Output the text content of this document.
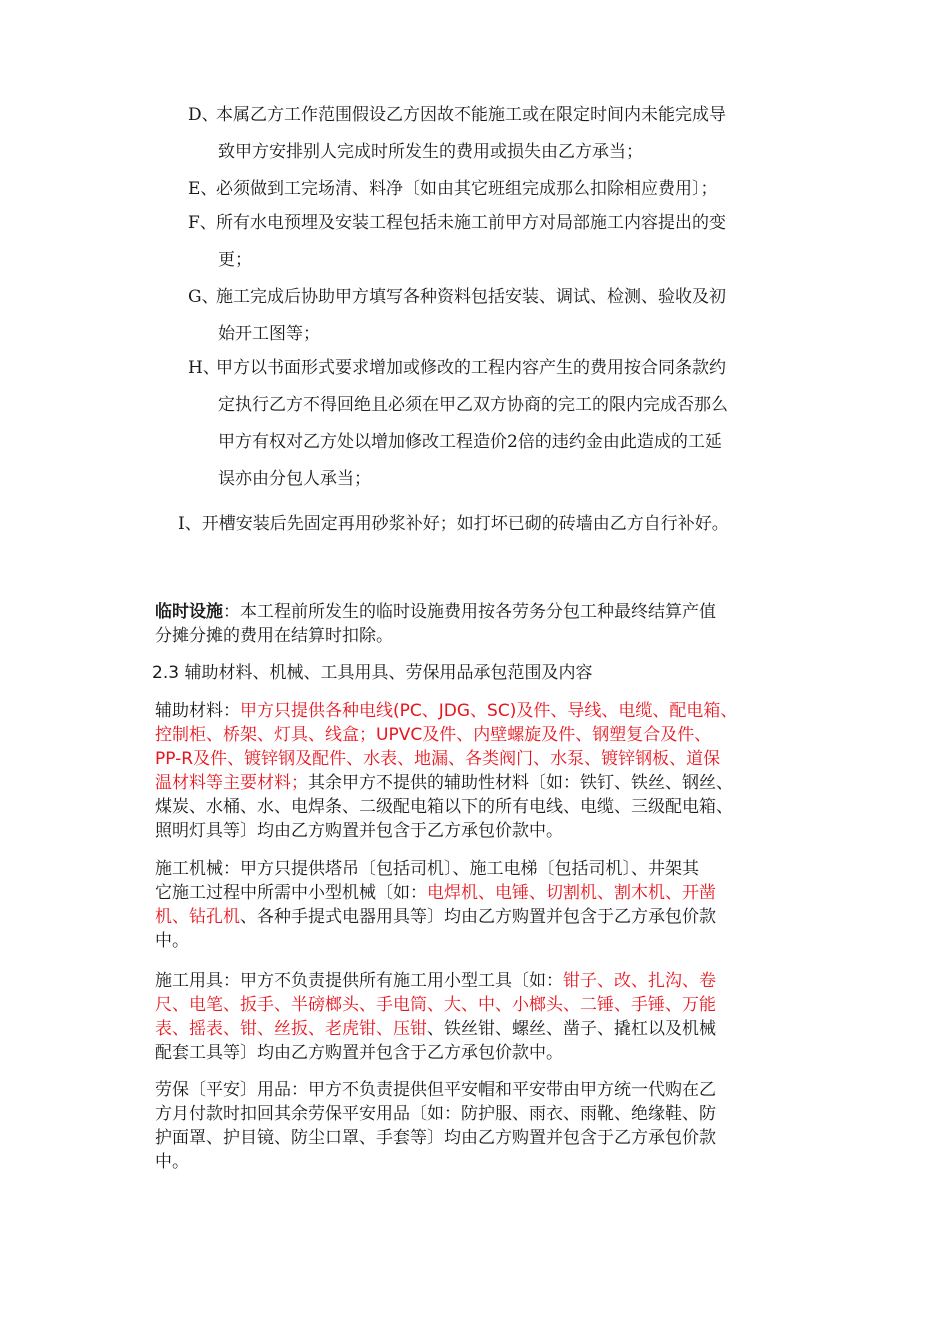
D、本属乙方工作范围假设乙方因故不能施工或在限定时间内未能完成导
致甲方安排别人完成时所发生的费用或损失由乙方承当；
E、必须做到工完场清、料净〔如由其它班组完成那么扣除相应费用〕；
F、所有水电预埋及安装工程包括未施工前甲方对局部施工内容提出的变
更；
G、施工完成后协助甲方填写各种资料包括安装、调试、检测、验收及初
始开工图等；
H、甲方以书面形式要求增加或修改的工程内容产生的费用按合同条款约
定执行乙方不得回绝且必须在甲乙双方协商的完工的限内完成否那么
甲方有权对乙方处以增加修改工程造价2倍的违约金由此造成的工延
误亦由分包人承当；
I、开槽安装后先固定再用砂浆补好；如打坏已砌的砖墙由乙方自行补好。
临时设施：本工程前所发生的临时设施费用按各劳务分包工种最终结算产值
分摊分摊的费用在结算时扣除。
2.3 辅助材料、机械、工具用具、劳保用品承包范围及内容
辅助材料：甲方只提供各种电线(PC、JDG、SC)及件、导线、电缆、配电箱、
控制柜、桥架、灯具、线盒；UPVC及件、内壁螺旋及件、钢塑复合及件、
PP-R及件、镀锌钢及配件、水表、地漏、各类阀门、水泵、镀锌钢板、道保
温材料等主要材料；其余甲方不提供的辅助性材料〔如：铁钉、铁丝、钢丝、
煤炭、水桶、水、电焊条、二级配电箱以下的所有电线、电缆、三级配电箱、
照明灯具等〕均由乙方购置并包含于乙方承包价款中。
施工机械：甲方只提供塔吊〔包括司机〕、施工电梯〔包括司机〕、井架其
它施工过程中所需中小型机械〔如：电焊机、电锤、切割机、割木机、开凿
机、钻孔机、各种手提式电器用具等〕均由乙方购置并包含于乙方承包价款
中。
施工用具：甲方不负责提供所有施工用小型工具〔如：钳子、改、扎沟、卷
尺、电笔、扳手、半磅榔头、手电筒、大、中、小榔头、二锤、手锤、万能
表、摇表、钳、丝扳、老虎钳、压钳、铁丝钳、螺丝、凿子、撬杠以及机械
配套工具等〕均由乙方购置并包含于乙方承包价款中。
劳保〔平安〕用品：甲方不负责提供但平安帽和平安带由甲方统一代购在乙
方月付款时扣回其余劳保平安用品〔如：防护服、雨衣、雨靴、绝缘鞋、防
护面罩、护目镜、防尘口罩、手套等〕均由乙方购置并包含于乙方承包价款
中。
